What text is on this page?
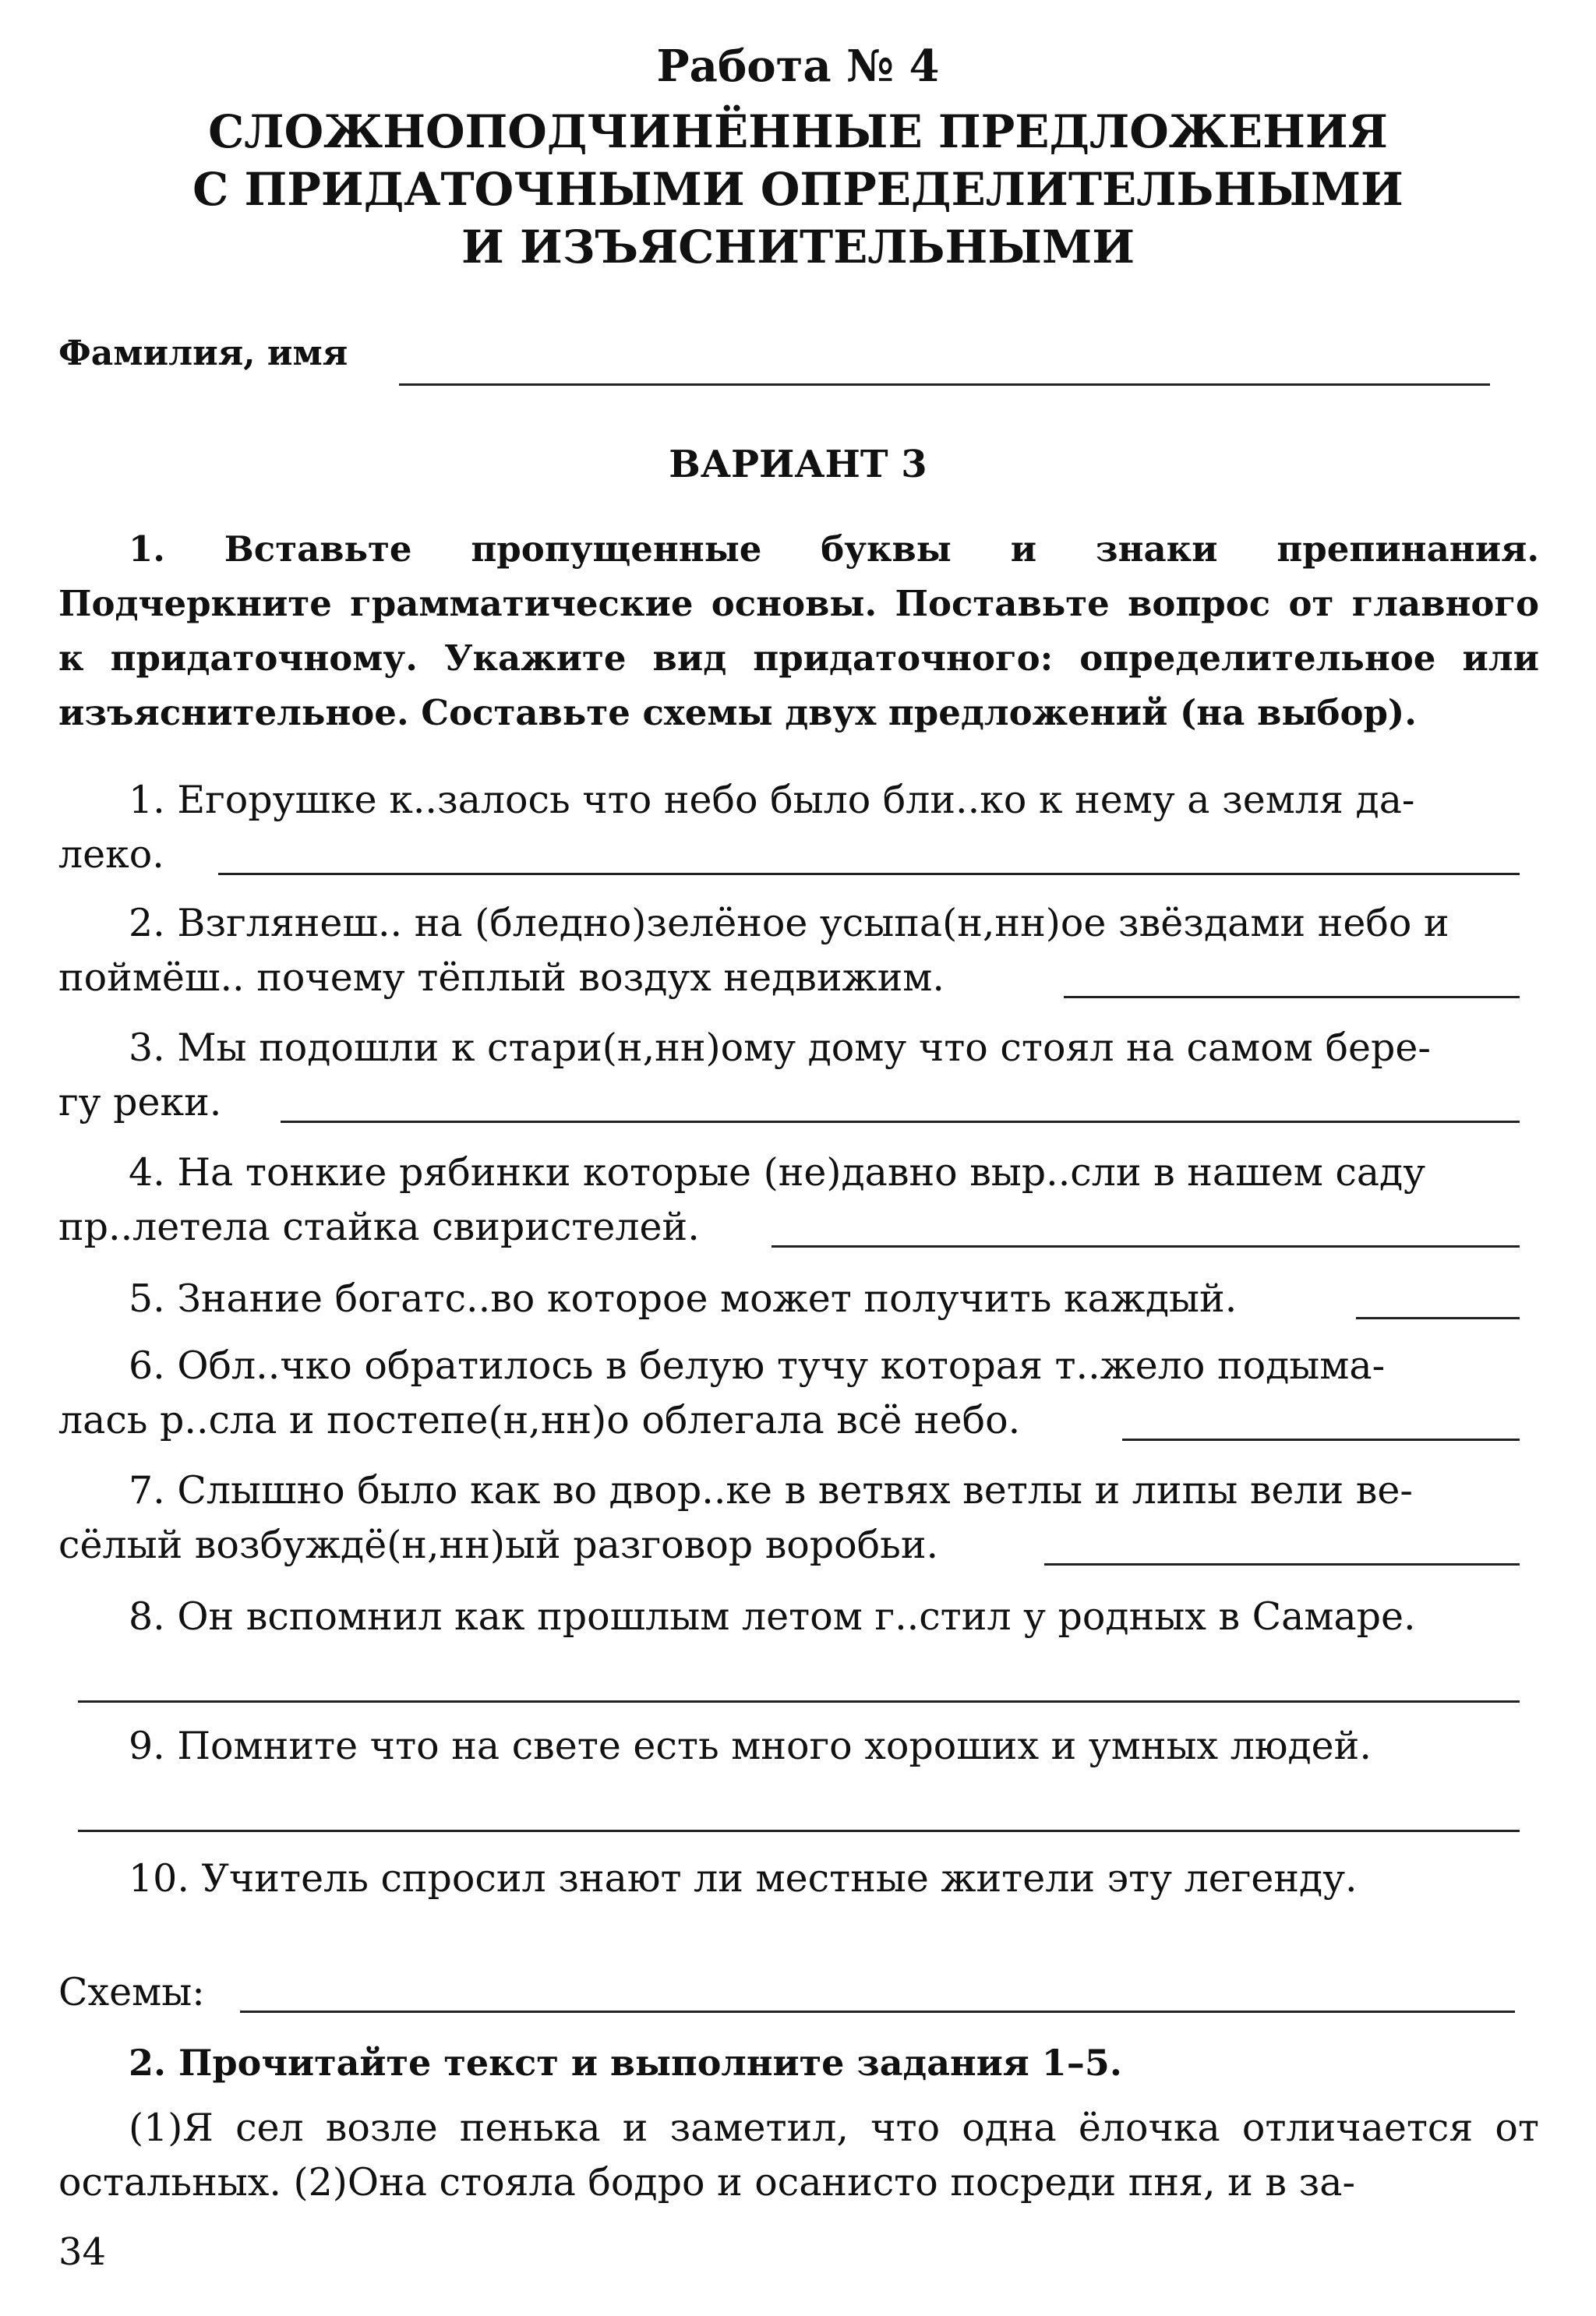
Работа № 4
СЛОЖНОПОДЧИНЁННЫЕ ПРЕДЛОЖЕНИЯ
С ПРИДАТОЧНЫМИ ОПРЕДЕЛИТЕЛЬНЫМИ
И ИЗЪЯСНИТЕЛЬНЫМИ
Фамилия, имя
ВАРИАНТ 3

1. Вставьте пропущенные буквы и знаки препинания. Подчеркните грамматические основы. Поставьте вопрос от главного к придаточному. Укажите вид придаточного: определительное или изъяснительное. Составьте схемы двух предложений (на выбор).

1. Егорушке к..залось что небо было бли..ко к нему а земля да-
леко.
2. Взглянеш.. на (бледно)зелёное усыпа(н,нн)ое звёздами небо и
поймёш.. почему тёплый воздух недвижим.
3. Мы подошли к стари(н,нн)ому дому что стоял на самом бере-
гу реки.
4. На тонкие рябинки которые (не)давно выр..сли в нашем саду
пр..летела стайка свиристелей.
5. Знание богатс..во которое может получить каждый.
6. Обл..чко обратилось в белую тучу которая т..жело подыма-
лась р..сла и постепе(н,нн)о облегала всё небо.
7. Слышно было как во двор..ке в ветвях ветлы и липы вели ве-
сёлый возбуждё(н,нн)ый разговор воробьи.
34
8. Он вспомнил как прошлым летом г..стил у родных в Самаре.
9. Помните что на свете есть много хороших и умных людей.
10. Учитель спросил знают ли местные жители эту легенду.
Схемы:
2. Прочитайте текст и выполните задания 1–5.

(1)Я сел возле пенька и заметил, что одна ёлочка отличается от остальных. (2)Она стояла бодро и осанисто посреди пня, и в за-
